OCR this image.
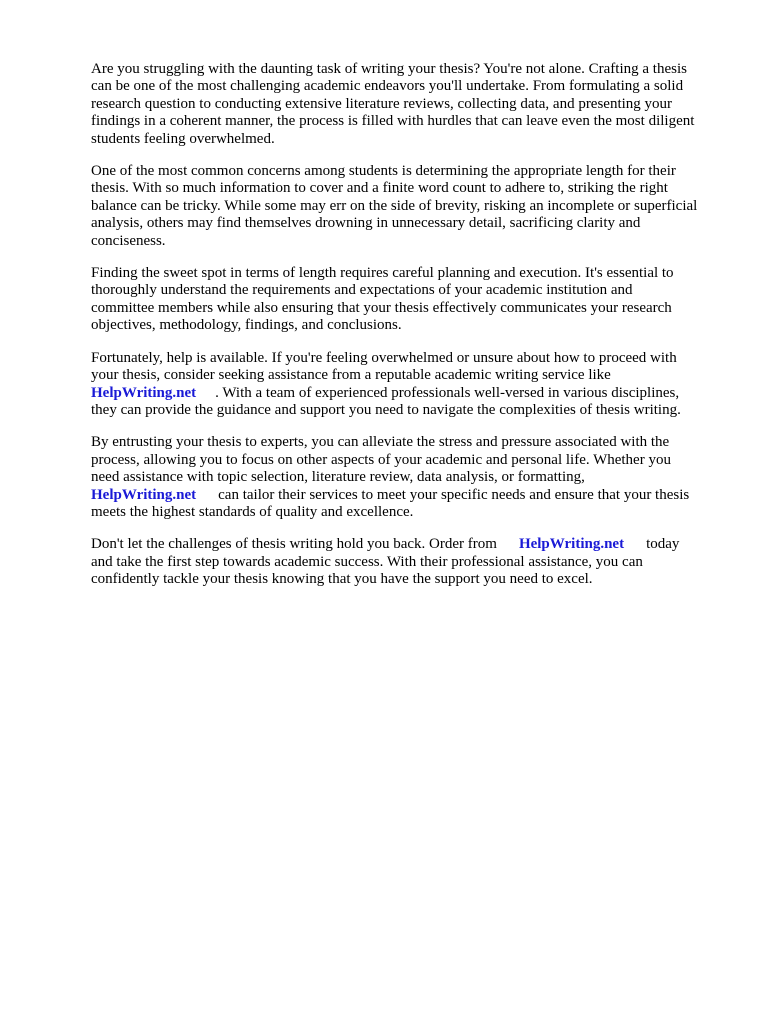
Are you struggling with the daunting task of writing your thesis? You're not alone. Crafting a thesis
can be one of the most challenging academic endeavors you'll undertake. From formulating a solid
research question to conducting extensive literature reviews, collecting data, and presenting your
findings in a coherent manner, the process is filled with hurdles that can leave even the most diligent
students feeling overwhelmed.

One of the most common concerns among students is determining the appropriate length for their
thesis. With so much information to cover and a finite word count to adhere to, striking the right
balance can be tricky. While some may err on the side of brevity, risking an incomplete or superficial
analysis, others may find themselves drowning in unnecessary detail, sacrificing clarity and
conciseness.

Finding the sweet spot in terms of length requires careful planning and execution. It's essential to
thoroughly understand the requirements and expectations of your academic institution and
committee members while also ensuring that your thesis effectively communicates your research
objectives, methodology, findings, and conclusions.

Fortunately, help is available. If you're feeling overwhelmed or unsure about how to proceed with
your thesis, consider seeking assistance from a reputable academic writing service like
HelpWriting.net . With a team of experienced professionals well-versed in various disciplines,
they can provide the guidance and support you need to navigate the complexities of thesis writing.

By entrusting your thesis to experts, you can alleviate the stress and pressure associated with the
process, allowing you to focus on other aspects of your academic and personal life. Whether you
need assistance with topic selection, literature review, data analysis, or formatting,
HelpWriting.net can tailor their services to meet your specific needs and ensure that your thesis
meets the highest standards of quality and excellence.

Don't let the challenges of thesis writing hold you back. Order from HelpWriting.net today
and take the first step towards academic success. With their professional assistance, you can
confidently tackle your thesis knowing that you have the support you need to excel.
